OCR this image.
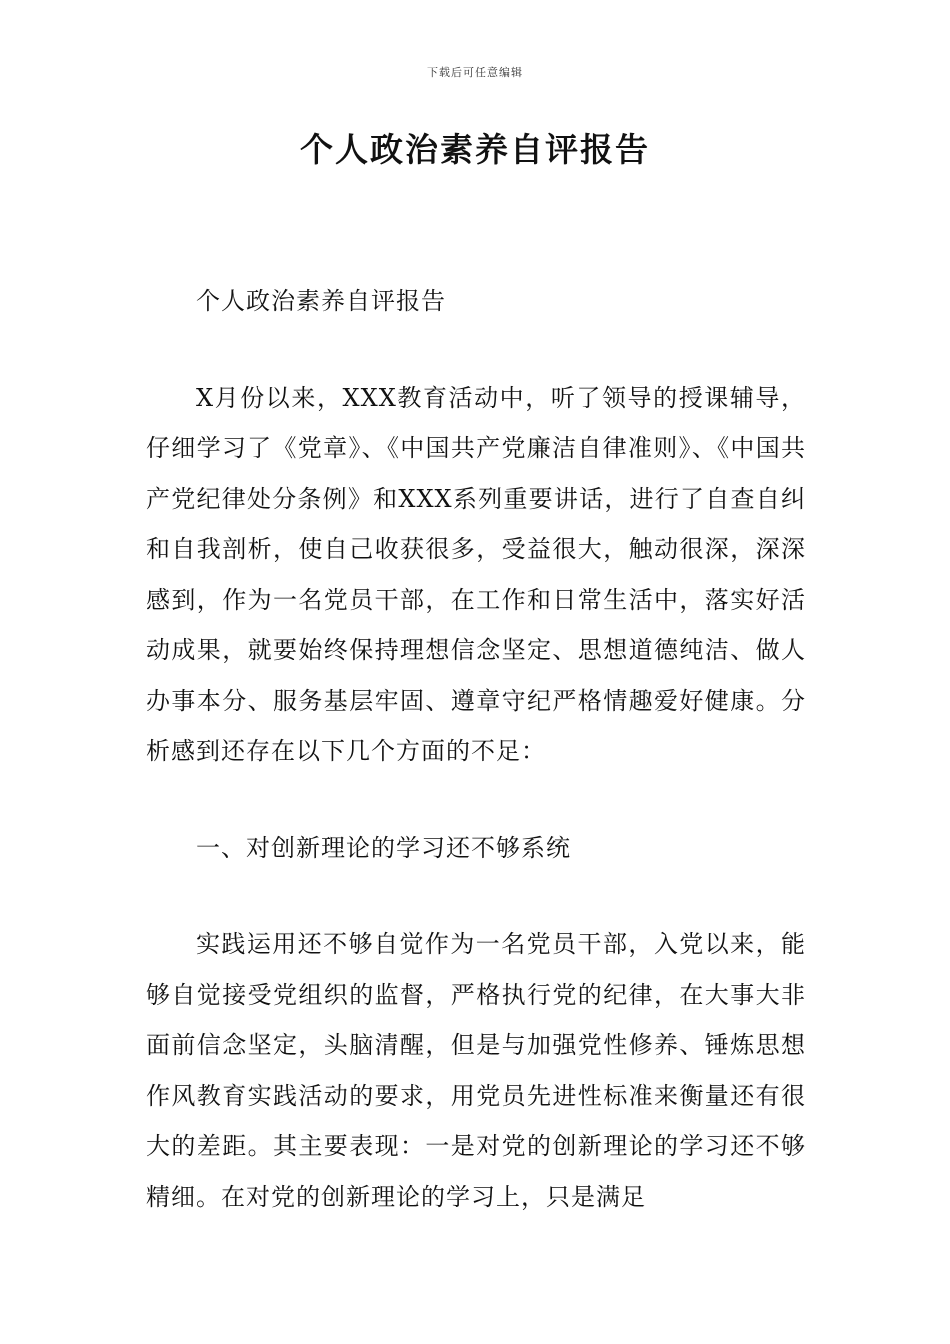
下载后可任意编辑
个人政治素养自评报告

个人政治素养自评报告

X月份以来，XXX教育活动中，听了领导的授课辅导，仔细学习了《党章》、《中国共产党廉洁自律准则》、《中国共产党纪律处分条例》和XXX系列重要讲话，进行了自查自纠和自我剖析，使自己收获很多，受益很大，触动很深，深深感到，作为一名党员干部，在工作和日常生活中，落实好活动成果，就要始终保持理想信念坚定、思想道德纯洁、做人办事本分、服务基层牢固、遵章守纪严格情趣爱好健康。分析感到还存在以下几个方面的不足：

一、对创新理论的学习还不够系统

实践运用还不够自觉作为一名党员干部，入党以来，能够自觉接受党组织的监督，严格执行党的纪律，在大事大非面前信念坚定，头脑清醒，但是与加强党性修养、锤炼思想作风教育实践活动的要求，用党员先进性标准来衡量还有很大的差距。其主要表现：一是对党的创新理论的学习还不够精细。在对党的创新理论的学习上，只是满足
